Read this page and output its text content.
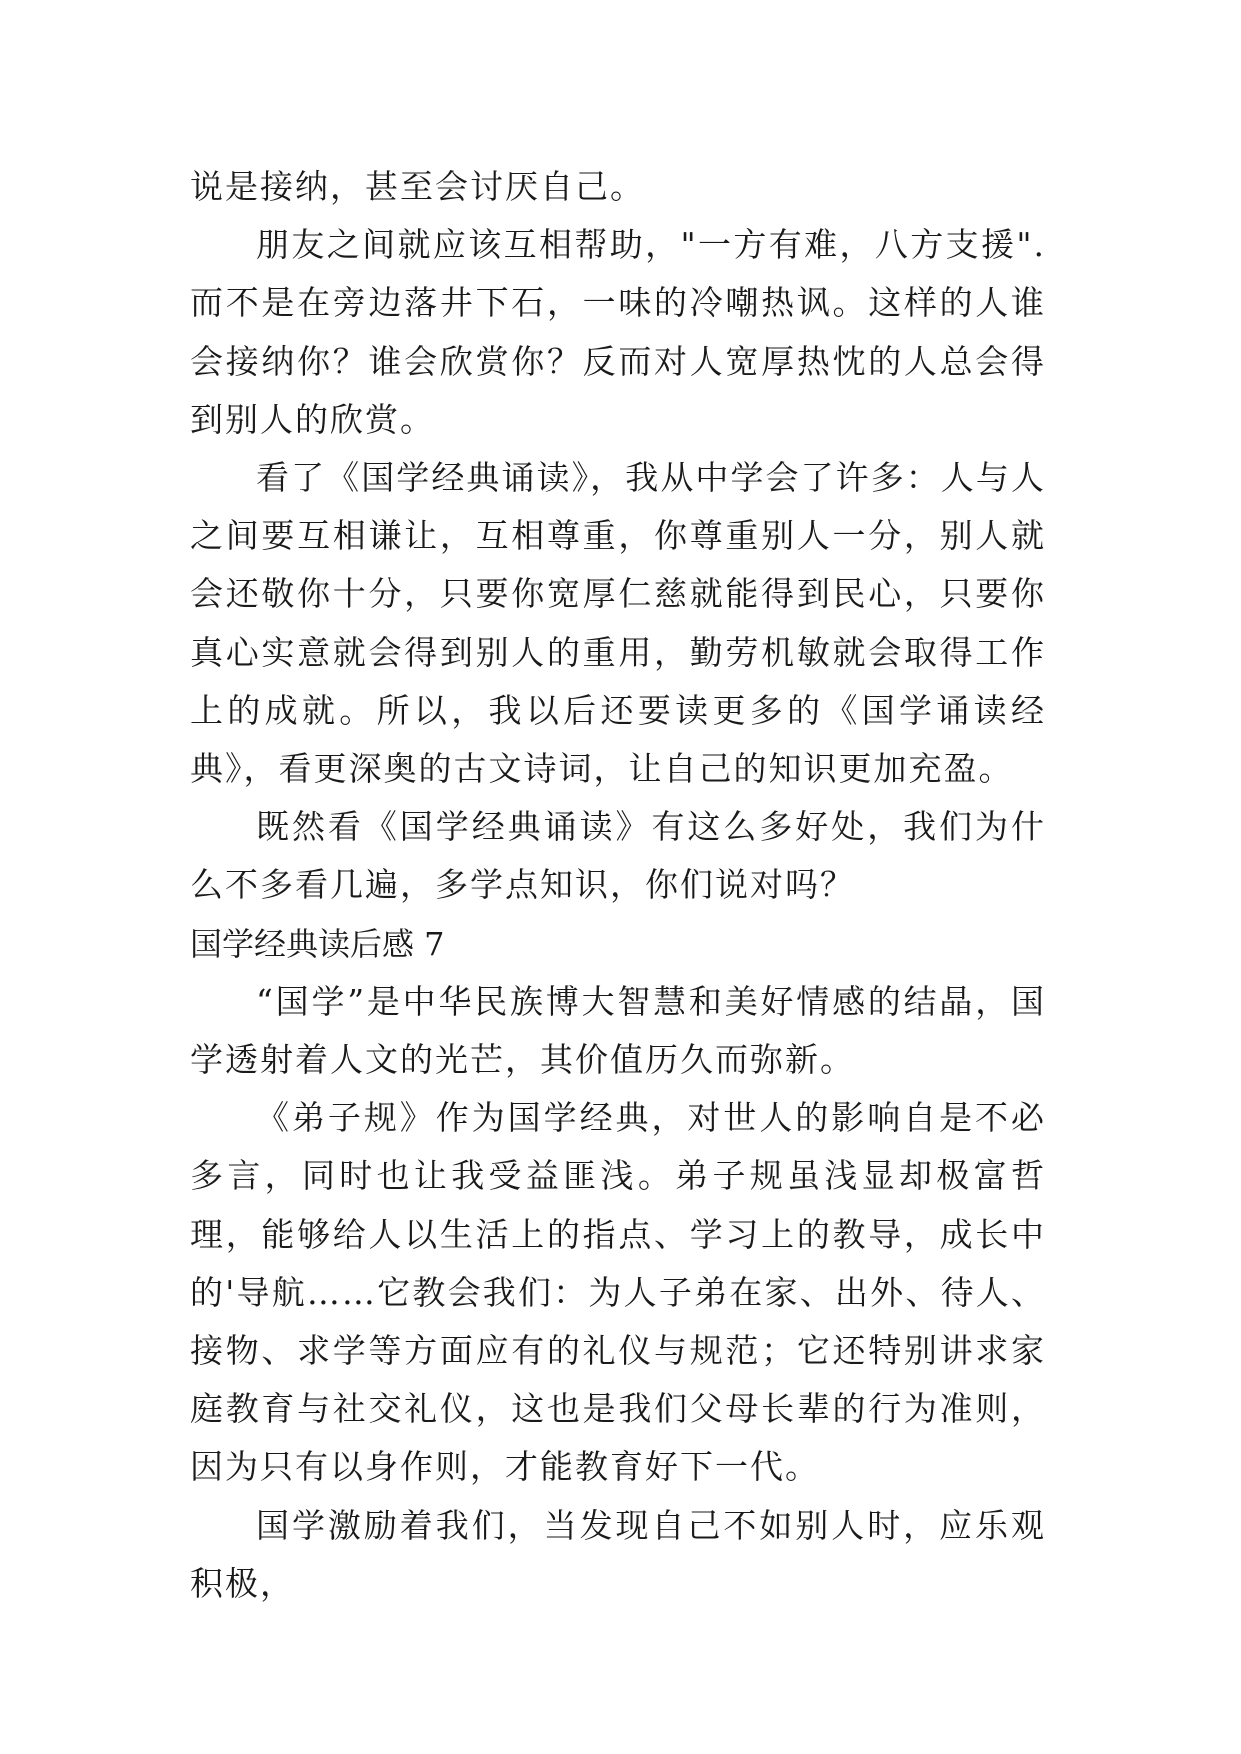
说是接纳，甚至会讨厌自己。

朋友之间就应该互相帮助，"一方有难，八方支援".而不是在旁边落井下石，一味的冷嘲热讽。这样的人谁会接纳你？谁会欣赏你？反而对人宽厚热忱的人总会得到别人的欣赏。

看了《国学经典诵读》，我从中学会了许多：人与人之间要互相谦让，互相尊重，你尊重别人一分，别人就会还敬你十分，只要你宽厚仁慈就能得到民心，只要你真心实意就会得到别人的重用，勤劳机敏就会取得工作上的成就。所以，我以后还要读更多的《国学诵读经典》，看更深奥的古文诗词，让自己的知识更加充盈。

既然看《国学经典诵读》有这么多好处，我们为什么不多看几遍，多学点知识，你们说对吗？

国学经典读后感 7

“国学”是中华民族博大智慧和美好情感的结晶，国学透射着人文的光芒，其价值历久而弥新。

《弟子规》作为国学经典，对世人的影响自是不必多言，同时也让我受益匪浅。弟子规虽浅显却极富哲理，能够给人以生活上的指点、学习上的教导，成长中的'导航……它教会我们：为人子弟在家、出外、待人、接物、求学等方面应有的礼仪与规范；它还特别讲求家庭教育与社交礼仪，这也是我们父母长辈的行为准则，因为只有以身作则，才能教育好下一代。

国学激励着我们，当发现自己不如别人时，应乐观积极，
